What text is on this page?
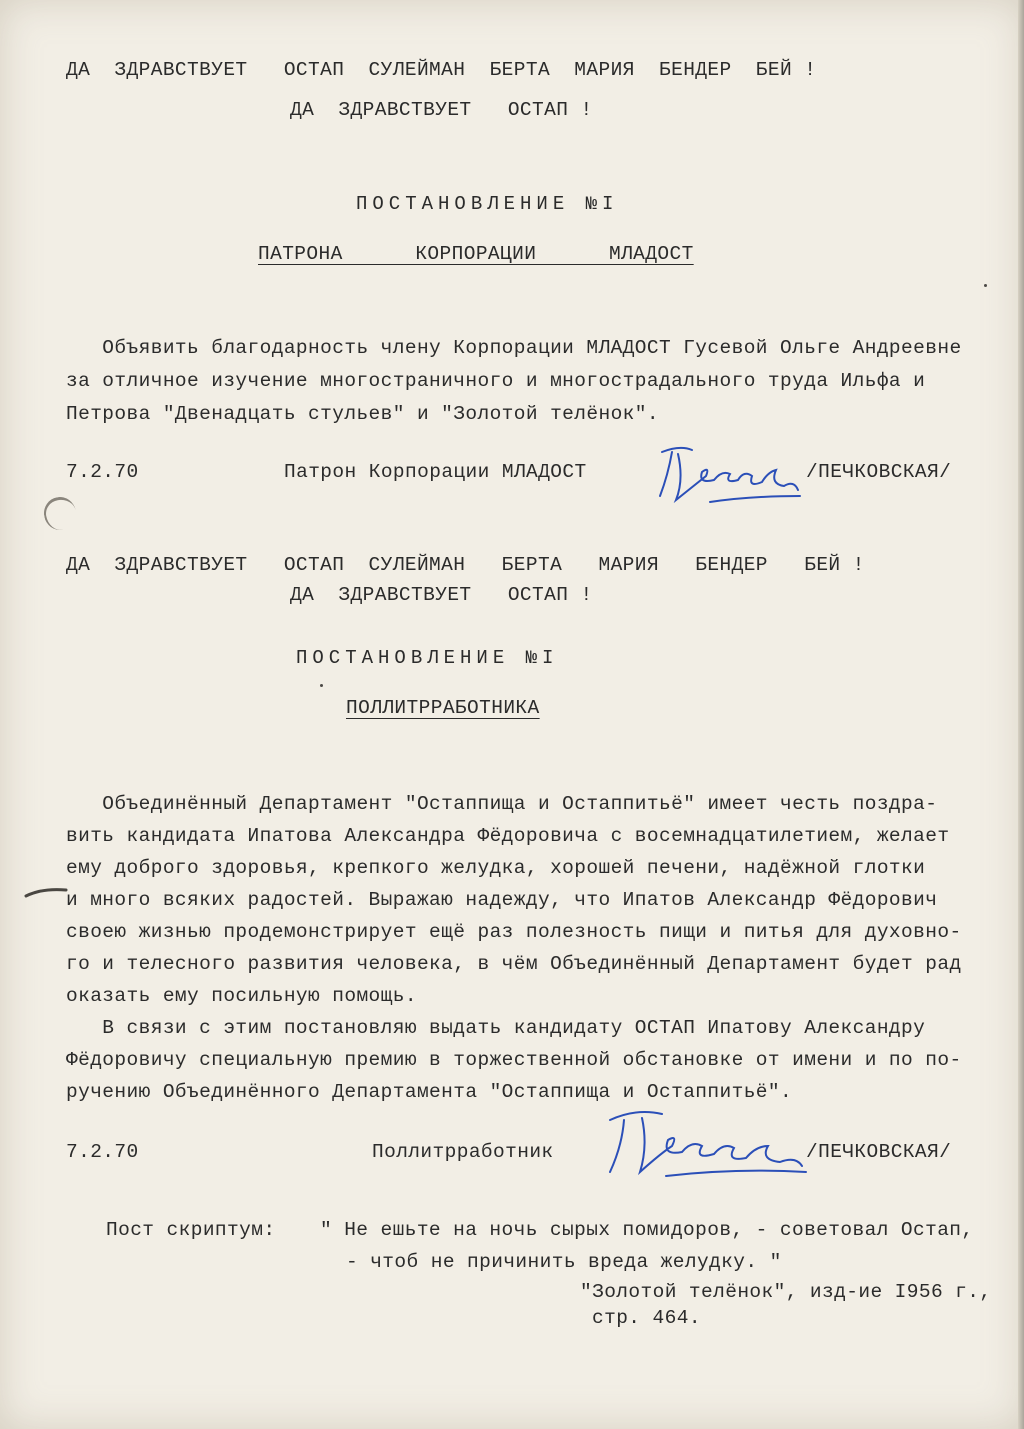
ДА  ЗДРАВСТВУЕТ   ОСТАП  СУЛЕЙМАН  БЕРТА  МАРИЯ  БЕНДЕР  БЕЙ !
ДА  ЗДРАВСТВУЕТ   ОСТАП !
ПОСТАНОВЛЕНИЕ №I
ПАТРОНА      КОРПОРАЦИИ      МЛАДОСТ
Объявить благодарность члену Корпорации МЛАДОСТ Гусевой Ольге Андреевне
за отличное изучение многостраничного и многострадального труда Ильфа и
Петрова "Двенадцать стульев" и "Золотой телёнок".
7.2.70	Патрон Корпорации МЛАДОСТ	/ПЕЧКОВСКАЯ/
ДА  ЗДРАВСТВУЕТ   ОСТАП  СУЛЕЙМАН   БЕРТА   МАРИЯ   БЕНДЕР   БЕЙ !
ДА  ЗДРАВСТВУЕТ   ОСТАП !
ПОСТАНОВЛЕНИЕ №I
ПОЛЛИТРРАБОТНИКА
Объединённый Департамент "Остаппища и Остаппитьё" имеет честь поздра-
вить кандидата Ипатова Александра Фёдоровича с восемнадцатилетием, желает
ему доброго здоровья, крепкого желудка, хорошей печени, надёжной глотки
и много всяких радостей. Выражаю надежду, что Ипатов Александр Фёдорович
своею жизнью продемонстрирует ещё раз полезность пищи и питья для духовно-
го и телесного развития человека, в чём Объединённый Департамент будет рад
оказать ему посильную помощь.
В связи с этим постановляю выдать кандидату ОСТАП Ипатову Александру
Фёдоровичу специальную премию в торжественной обстановке от имени и по по-
ручению Объединённого Департамента "Остаппища и Остаппитьё".
7.2.70	Поллитрработник	/ПЕЧКОВСКАЯ/
Пост скриптум: " Не ешьте на ночь сырых помидоров, - советовал Остап,
- чтоб не причинить вреда желудку. "
"Золотой телёнок", изд-ие I956 г.,
стр. 464.
